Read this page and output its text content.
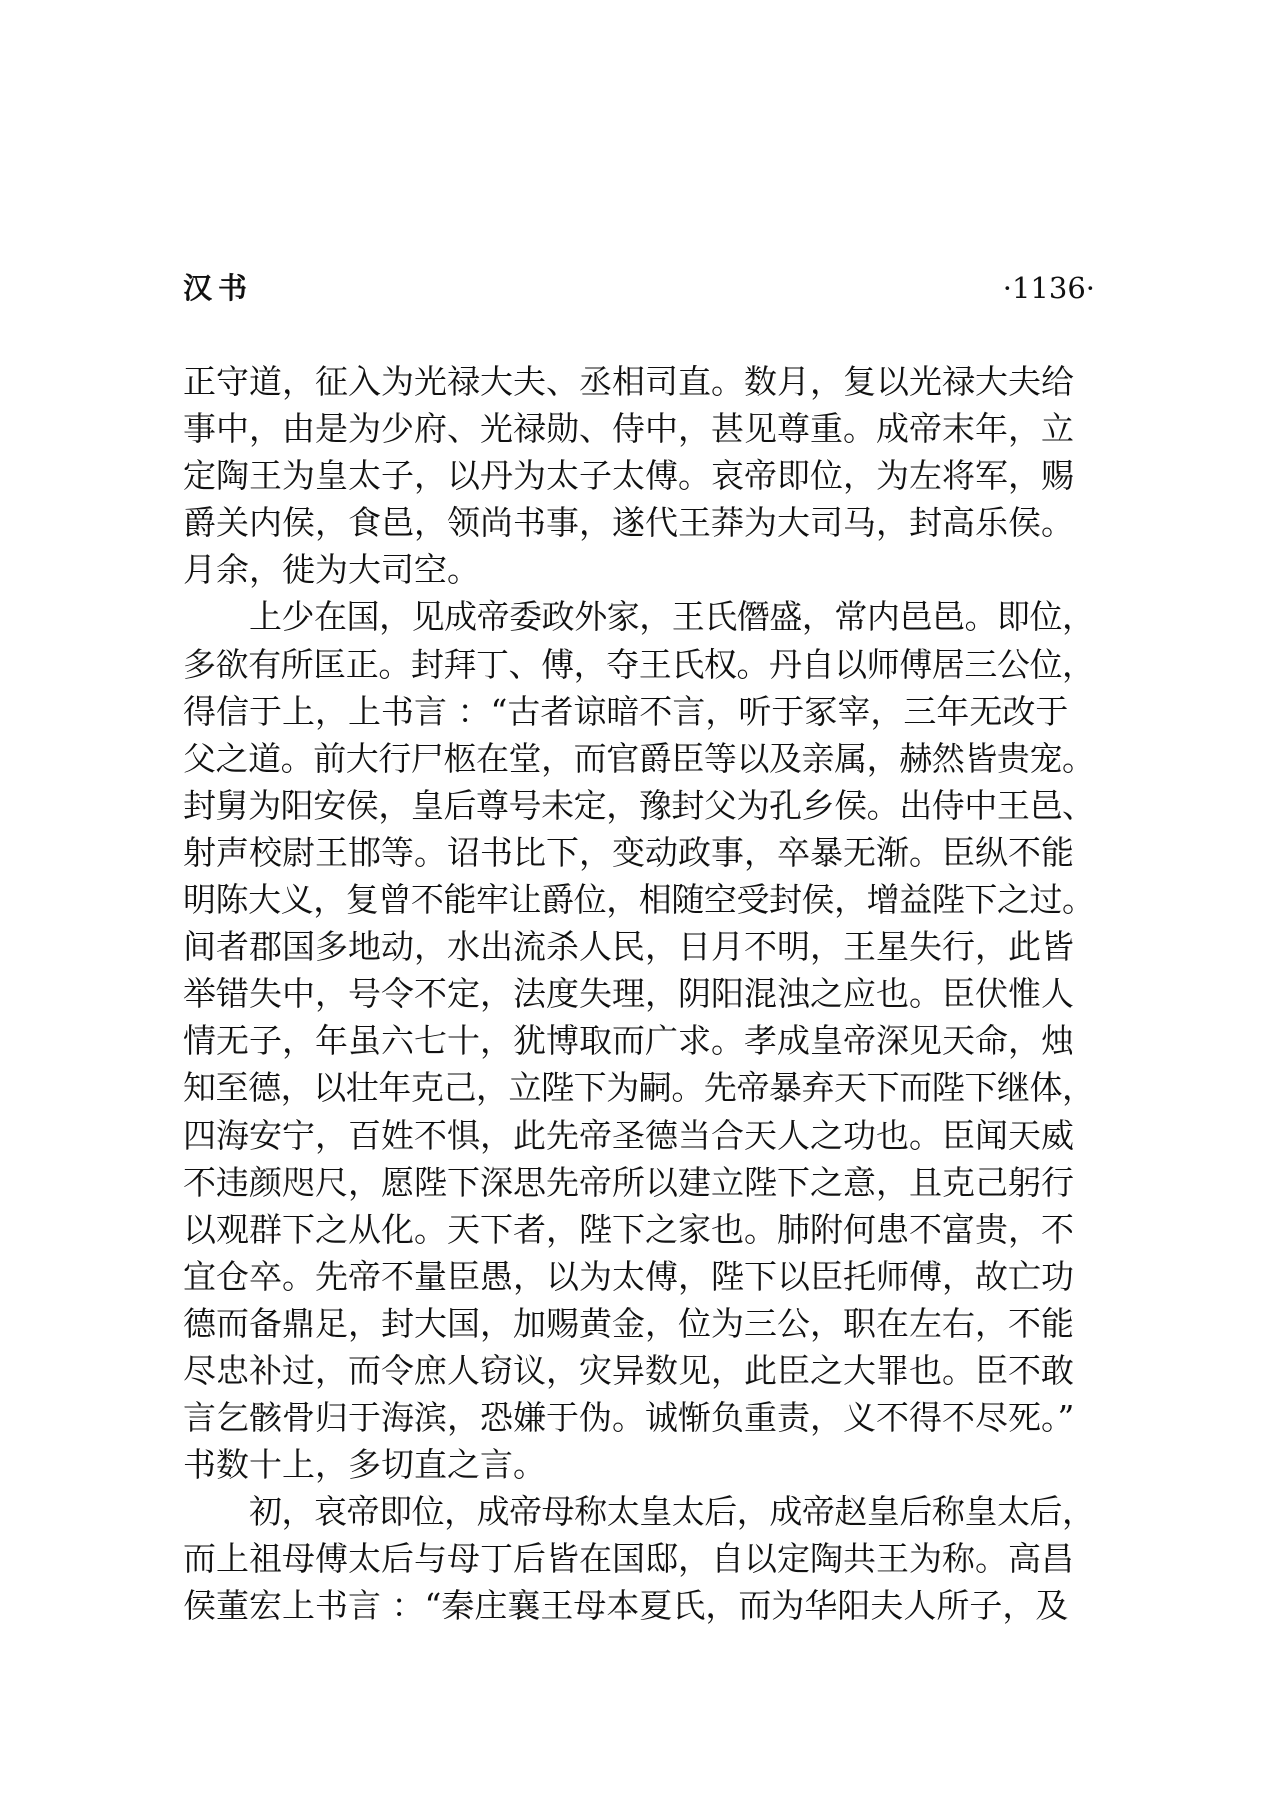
汉书	·1136·
正守道，征入为光禄大夫、丞相司直。数月，复以光禄大夫给
事中，由是为少府、光禄勋、侍中，甚见尊重。成帝末年，立
定陶王为皇太子，以丹为太子太傅。哀帝即位，为左将军，赐
爵关内侯，食邑，领尚书事，遂代王莽为大司马，封高乐侯。
月余，徙为大司空。
上少在国，见成帝委政外家，王氏僭盛，常内邑邑。即位，
多欲有所匡正。封拜丁、傅，夺王氏权。丹自以师傅居三公位，
得信于上，上书言 ：“古者谅暗不言，听于冢宰，三年无改于
父之道。前大行尸柩在堂，而官爵臣等以及亲属，赫然皆贵宠。
封舅为阳安侯，皇后尊号未定，豫封父为孔乡侯。出侍中王邑、
射声校尉王邯等。诏书比下，变动政事，卒暴无渐。臣纵不能
明陈大义，复曾不能牢让爵位，相随空受封侯，增益陛下之过。
间者郡国多地动，水出流杀人民，日月不明，王星失行，此皆
举错失中，号令不定，法度失理，阴阳混浊之应也。臣伏惟人
情无子，年虽六七十，犹博取而广求。孝成皇帝深见天命，烛
知至德，以壮年克己，立陛下为嗣。先帝暴弃天下而陛下继体，
四海安宁，百姓不惧，此先帝圣德当合天人之功也。臣闻天威
不违颜咫尺，愿陛下深思先帝所以建立陛下之意，且克己躬行
以观群下之从化。天下者，陛下之家也。肺附何患不富贵，不
宜仓卒。先帝不量臣愚，以为太傅，陛下以臣托师傅，故亡功
德而备鼎足，封大国，加赐黄金，位为三公，职在左右，不能
尽忠补过，而令庶人窃议，灾异数见，此臣之大罪也。臣不敢
言乞骸骨归于海滨，恐嫌于伪。诚惭负重责，义不得不尽死。”
书数十上，多切直之言。
初，哀帝即位，成帝母称太皇太后，成帝赵皇后称皇太后，
而上祖母傅太后与母丁后皆在国邸，自以定陶共王为称。高昌
侯董宏上书言 ：“秦庄襄王母本夏氏，而为华阳夫人所子，及
